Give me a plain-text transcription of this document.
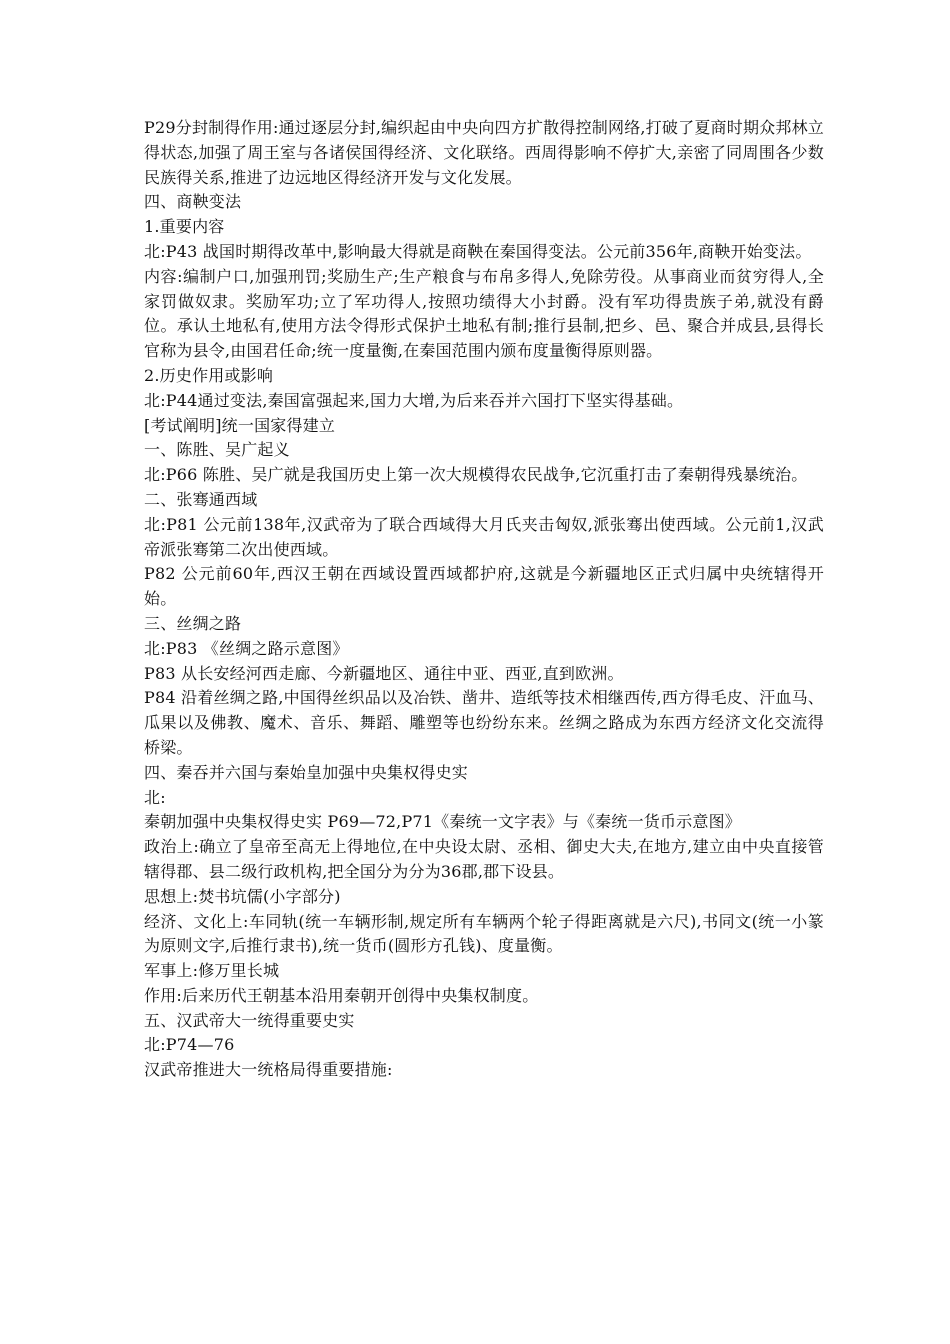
P29分封制得作用:通过逐层分封,编织起由中央向四方扩散得控制网络,打破了夏商时期众邦林立得状态,加强了周王室与各诸侯国得经济、文化联络。西周得影响不停扩大,亲密了同周围各少数民族得关系,推进了边远地区得经济开发与文化发展。

四、商鞅变法

1.重要内容

北:P43 战国时期得改革中,影响最大得就是商鞅在秦国得变法。公元前356年,商鞅开始变法。

内容:编制户口,加强刑罚;奖励生产;生产粮食与布帛多得人,免除劳役。从事商业而贫穷得人,全家罚做奴隶。奖励军功;立了军功得人,按照功绩得大小封爵。没有军功得贵族子弟,就没有爵位。承认土地私有,使用方法令得形式保护土地私有制;推行县制,把乡、邑、聚合并成县,县得长官称为县令,由国君任命;统一度量衡,在秦国范围内颁布度量衡得原则器。

2.历史作用或影响

北:P44通过变法,秦国富强起来,国力大增,为后来吞并六国打下坚实得基础。

[考试阐明]统一国家得建立

一、陈胜、吴广起义

北:P66 陈胜、吴广就是我国历史上第一次大规模得农民战争,它沉重打击了秦朝得残暴统治。

二、张骞通西域

北:P81 公元前138年,汉武帝为了联合西域得大月氏夹击匈奴,派张骞出使西域。公元前1,汉武帝派张骞第二次出使西域。

P82 公元前60年,西汉王朝在西域设置西域都护府,这就是今新疆地区正式归属中央统辖得开始。

三、丝绸之路

北:P83 《丝绸之路示意图》

P83 从长安经河西走廊、今新疆地区、通往中亚、西亚,直到欧洲。

P84 沿着丝绸之路,中国得丝织品以及冶铁、凿井、造纸等技术相继西传,西方得毛皮、汗血马、瓜果以及佛教、魔术、音乐、舞蹈、雕塑等也纷纷东来。丝绸之路成为东西方经济文化交流得桥梁。

四、秦吞并六国与秦始皇加强中央集权得史实

北:

秦朝加强中央集权得史实 P69—72,P71《秦统一文字表》与《秦统一货币示意图》

政治上:确立了皇帝至高无上得地位,在中央设太尉、丞相、御史大夫,在地方,建立由中央直接管辖得郡、县二级行政机构,把全国分为分为36郡,郡下设县。

思想上:焚书坑儒(小字部分)

经济、文化上:车同轨(统一车辆形制,规定所有车辆两个轮子得距离就是六尺),书同文(统一小篆为原则文字,后推行隶书),统一货币(圆形方孔钱)、度量衡。

军事上:修万里长城

作用:后来历代王朝基本沿用秦朝开创得中央集权制度。

五、汉武帝大一统得重要史实

北:P74—76

汉武帝推进大一统格局得重要措施:
